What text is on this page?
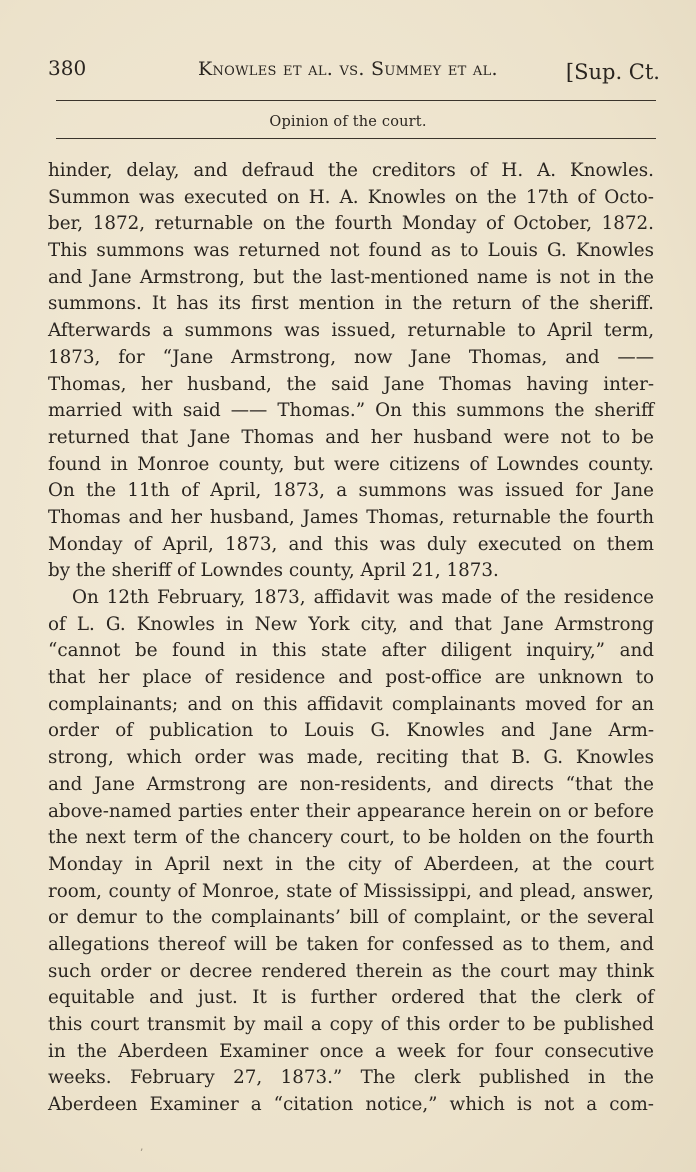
380	Knowles et al. vs. Summey et al.	[Sup. Ct.
Opinion of the court.
hinder, delay, and defraud the creditors of H. A. Knowles.
Summon was executed on H. A. Knowles on the 17th of Octo-
ber, 1872, returnable on the fourth Monday of October, 1872.
This summons was returned not found as to Louis G. Knowles
and Jane Armstrong, but the last-mentioned name is not in the
summons. It has its first mention in the return of the sheriff.
Afterwards a summons was issued, returnable to April term,
1873, for “Jane Armstrong, now Jane Thomas, and ——
Thomas, her husband, the said Jane Thomas having inter-
married with said —— Thomas.” On this summons the sheriff
returned that Jane Thomas and her husband were not to be
found in Monroe county, but were citizens of Lowndes county.
On the 11th of April, 1873, a summons was issued for Jane
Thomas and her husband, James Thomas, returnable the fourth
Monday of April, 1873, and this was duly executed on them
by the sheriff of Lowndes county, April 21, 1873.
On 12th February, 1873, affidavit was made of the residence
of L. G. Knowles in New York city, and that Jane Armstrong
“cannot be found in this state after diligent inquiry,” and
that her place of residence and post-office are unknown to
complainants; and on this affidavit complainants moved for an
order of publication to Louis G. Knowles and Jane Arm-
strong, which order was made, reciting that B. G. Knowles
and Jane Armstrong are non-residents, and directs “that the
above-named parties enter their appearance herein on or before
the next term of the chancery court, to be holden on the fourth
Monday in April next in the city of Aberdeen, at the court
room, county of Monroe, state of Mississippi, and plead, answer,
or demur to the complainants’ bill of complaint, or the several
allegations thereof will be taken for confessed as to them, and
such order or decree rendered therein as the court may think
equitable and just. It is further ordered that the clerk of
this court transmit by mail a copy of this order to be published
in the Aberdeen Examiner once a week for four consecutive
weeks. February 27, 1873.” The clerk published in the
Aberdeen Examiner a “citation notice,” which is not a com-
’
